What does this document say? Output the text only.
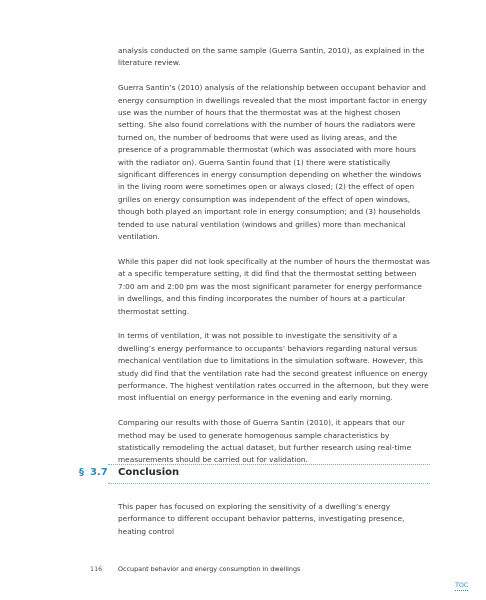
analysis conducted on the same sample (Guerra Santin, 2010), as explained in the literature review.

Guerra Santin’s (2010) analysis of the relationship between occupant behavior and energy consumption in dwellings revealed that the most important factor in energy use was the number of hours that the thermostat was at the highest chosen setting. She also found correlations with the number of hours the radiators were turned on, the number of bedrooms that were used as living areas, and the presence of a programmable thermostat (which was associated with more hours with the radiator on). Guerra Santin found that (1) there were statistically significant differences in energy consumption depending on whether the windows in the living room were sometimes open or always closed; (2) the effect of open grilles on energy consumption was independent of the effect of open windows, though both played an important role in energy consumption; and (3) households tended to use natural ventilation (windows and grilles) more than mechanical ventilation.

While this paper did not look specifically at the number of hours the thermostat was at a specific temperature setting, it did find that the thermostat setting between 7:00 am and 2:00 pm was the most significant parameter for energy performance in dwellings, and this finding incorporates the number of hours at a particular thermostat setting.

In terms of ventilation, it was not possible to investigate the sensitivity of a dwelling’s energy performance to occupants’ behaviors regarding natural versus mechanical ventilation due to limitations in the simulation software. However, this study did find that the ventilation rate had the second greatest influence on energy performance. The highest ventilation rates occurred in the afternoon, but they were most influential on energy performance in the evening and early morning.

Comparing our results with those of Guerra Santin (2010), it appears that our method may be used to generate homogenous sample characteristics by statistically remodeling the actual dataset, but further research using real-time measurements should be carried out for validation.

§ 3.7 Conclusion

This paper has focused on exploring the sensitivity of a dwelling’s energy performance to different occupant behavior patterns, investigating presence, heating control

116 Occupant behavior and energy consumption in dwellings
TOC
